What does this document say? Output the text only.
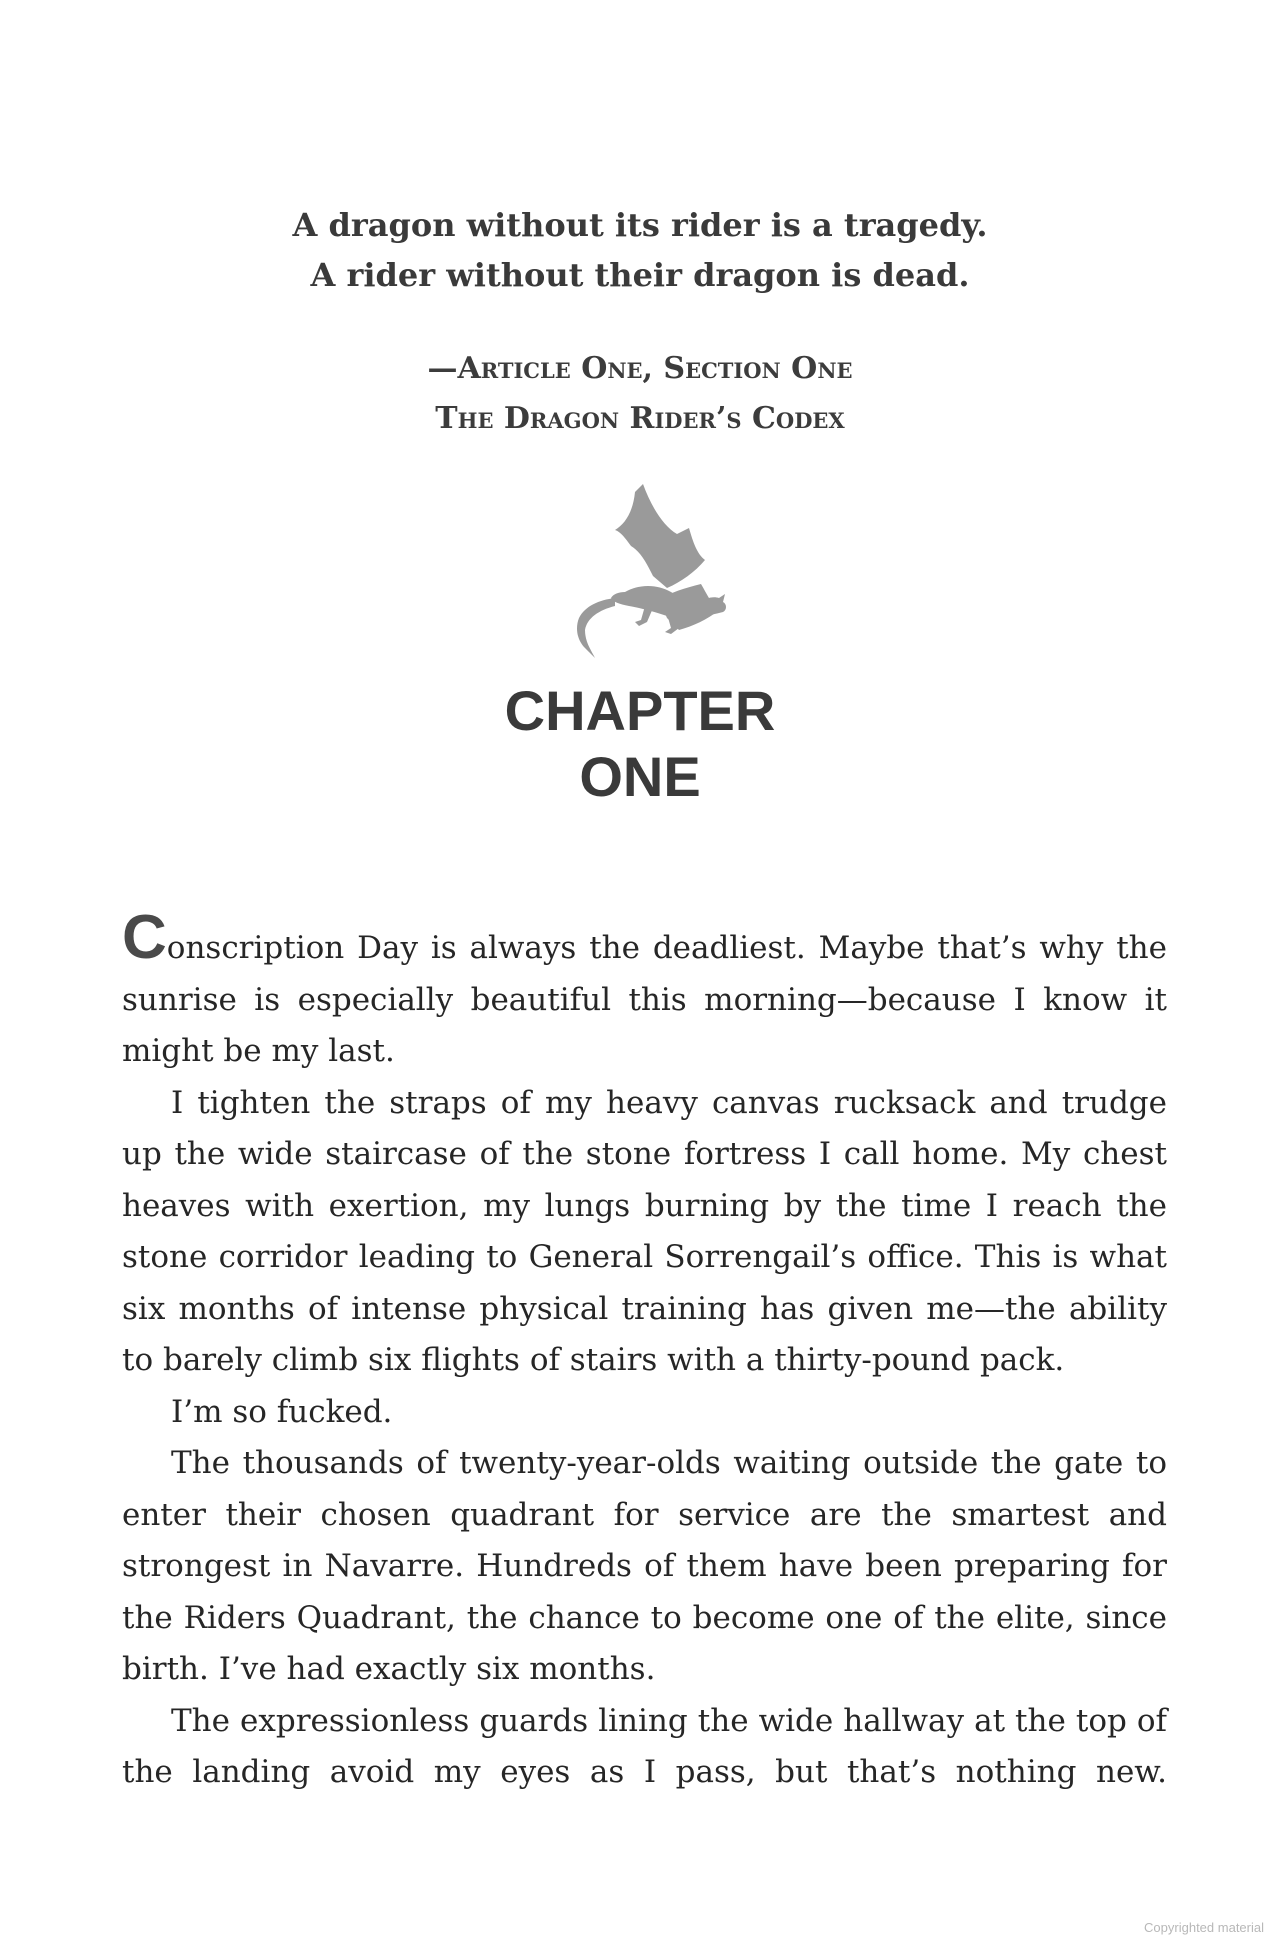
A dragon without its rider is a tragedy.
A rider without their dragon is dead.
—Article One, Section One
The Dragon Rider’s Codex
CHAPTER
ONE

Conscription Day is always the deadliest. Maybe that’s why the sunrise is especially beautiful this morning—because I know it might be my last.

I tighten the straps of my heavy canvas rucksack and trudge up the wide staircase of the stone fortress I call home. My chest heaves with exertion, my lungs burning by the time I reach the stone corridor leading to General Sorrengail’s office. This is what six months of intense physical training has given me—the ability to barely climb six flights of stairs with a thirty-pound pack.

I’m so fucked.

The thousands of twenty-year-olds waiting outside the gate to enter their chosen quadrant for service are the smartest and strongest in Navarre. Hundreds of them have been preparing for the Riders Quadrant, the chance to become one of the elite, since birth. I’ve had exactly six months.

The expressionless guards lining the wide hallway at the top of the landing avoid my eyes as I pass, but that’s nothing new.

Copyrighted material
